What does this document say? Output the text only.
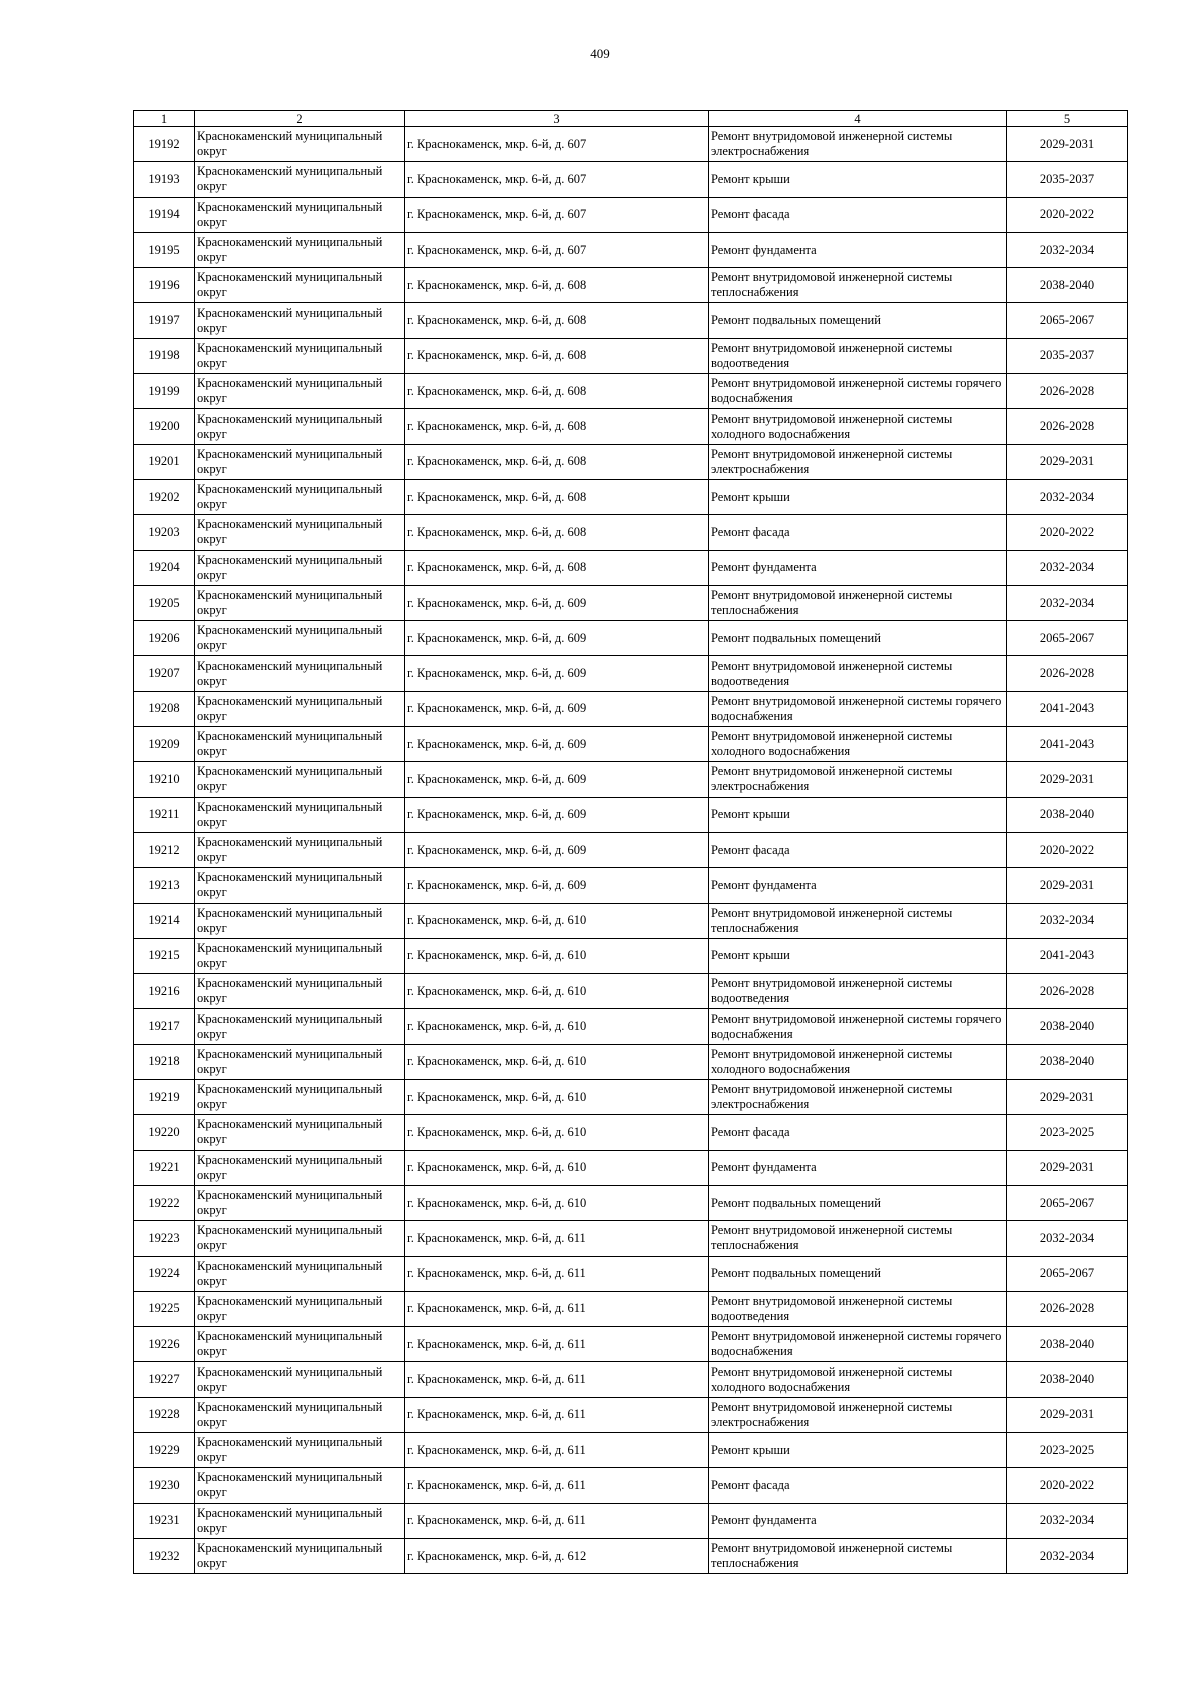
409
1	2	3	4	5
19192	Краснокаменский муниципальный округ	г. Краснокаменск, мкр. 6-й, д. 607	Ремонт внутридомовой инженерной системы электроснабжения	2029-2031
19193	Краснокаменский муниципальный округ	г. Краснокаменск, мкр. 6-й, д. 607	Ремонт крыши	2035-2037
19194	Краснокаменский муниципальный округ	г. Краснокаменск, мкр. 6-й, д. 607	Ремонт фасада	2020-2022
19195	Краснокаменский муниципальный округ	г. Краснокаменск, мкр. 6-й, д. 607	Ремонт фундамента	2032-2034
19196	Краснокаменский муниципальный округ	г. Краснокаменск, мкр. 6-й, д. 608	Ремонт внутридомовой инженерной системы теплоснабжения	2038-2040
19197	Краснокаменский муниципальный округ	г. Краснокаменск, мкр. 6-й, д. 608	Ремонт подвальных помещений	2065-2067
19198	Краснокаменский муниципальный округ	г. Краснокаменск, мкр. 6-й, д. 608	Ремонт внутридомовой инженерной системы водоотведения	2035-2037
19199	Краснокаменский муниципальный округ	г. Краснокаменск, мкр. 6-й, д. 608	Ремонт внутридомовой инженерной системы горячего водоснабжения	2026-2028
19200	Краснокаменский муниципальный округ	г. Краснокаменск, мкр. 6-й, д. 608	Ремонт внутридомовой инженерной системы холодного водоснабжения	2026-2028
19201	Краснокаменский муниципальный округ	г. Краснокаменск, мкр. 6-й, д. 608	Ремонт внутридомовой инженерной системы электроснабжения	2029-2031
19202	Краснокаменский муниципальный округ	г. Краснокаменск, мкр. 6-й, д. 608	Ремонт крыши	2032-2034
19203	Краснокаменский муниципальный округ	г. Краснокаменск, мкр. 6-й, д. 608	Ремонт фасада	2020-2022
19204	Краснокаменский муниципальный округ	г. Краснокаменск, мкр. 6-й, д. 608	Ремонт фундамента	2032-2034
19205	Краснокаменский муниципальный округ	г. Краснокаменск, мкр. 6-й, д. 609	Ремонт внутридомовой инженерной системы теплоснабжения	2032-2034
19206	Краснокаменский муниципальный округ	г. Краснокаменск, мкр. 6-й, д. 609	Ремонт подвальных помещений	2065-2067
19207	Краснокаменский муниципальный округ	г. Краснокаменск, мкр. 6-й, д. 609	Ремонт внутридомовой инженерной системы водоотведения	2026-2028
19208	Краснокаменский муниципальный округ	г. Краснокаменск, мкр. 6-й, д. 609	Ремонт внутридомовой инженерной системы горячего водоснабжения	2041-2043
19209	Краснокаменский муниципальный округ	г. Краснокаменск, мкр. 6-й, д. 609	Ремонт внутридомовой инженерной системы холодного водоснабжения	2041-2043
19210	Краснокаменский муниципальный округ	г. Краснокаменск, мкр. 6-й, д. 609	Ремонт внутридомовой инженерной системы электроснабжения	2029-2031
19211	Краснокаменский муниципальный округ	г. Краснокаменск, мкр. 6-й, д. 609	Ремонт крыши	2038-2040
19212	Краснокаменский муниципальный округ	г. Краснокаменск, мкр. 6-й, д. 609	Ремонт фасада	2020-2022
19213	Краснокаменский муниципальный округ	г. Краснокаменск, мкр. 6-й, д. 609	Ремонт фундамента	2029-2031
19214	Краснокаменский муниципальный округ	г. Краснокаменск, мкр. 6-й, д. 610	Ремонт внутридомовой инженерной системы теплоснабжения	2032-2034
19215	Краснокаменский муниципальный округ	г. Краснокаменск, мкр. 6-й, д. 610	Ремонт крыши	2041-2043
19216	Краснокаменский муниципальный округ	г. Краснокаменск, мкр. 6-й, д. 610	Ремонт внутридомовой инженерной системы водоотведения	2026-2028
19217	Краснокаменский муниципальный округ	г. Краснокаменск, мкр. 6-й, д. 610	Ремонт внутридомовой инженерной системы горячего водоснабжения	2038-2040
19218	Краснокаменский муниципальный округ	г. Краснокаменск, мкр. 6-й, д. 610	Ремонт внутридомовой инженерной системы холодного водоснабжения	2038-2040
19219	Краснокаменский муниципальный округ	г. Краснокаменск, мкр. 6-й, д. 610	Ремонт внутридомовой инженерной системы электроснабжения	2029-2031
19220	Краснокаменский муниципальный округ	г. Краснокаменск, мкр. 6-й, д. 610	Ремонт фасада	2023-2025
19221	Краснокаменский муниципальный округ	г. Краснокаменск, мкр. 6-й, д. 610	Ремонт фундамента	2029-2031
19222	Краснокаменский муниципальный округ	г. Краснокаменск, мкр. 6-й, д. 610	Ремонт подвальных помещений	2065-2067
19223	Краснокаменский муниципальный округ	г. Краснокаменск, мкр. 6-й, д. 611	Ремонт внутридомовой инженерной системы теплоснабжения	2032-2034
19224	Краснокаменский муниципальный округ	г. Краснокаменск, мкр. 6-й, д. 611	Ремонт подвальных помещений	2065-2067
19225	Краснокаменский муниципальный округ	г. Краснокаменск, мкр. 6-й, д. 611	Ремонт внутридомовой инженерной системы водоотведения	2026-2028
19226	Краснокаменский муниципальный округ	г. Краснокаменск, мкр. 6-й, д. 611	Ремонт внутридомовой инженерной системы горячего водоснабжения	2038-2040
19227	Краснокаменский муниципальный округ	г. Краснокаменск, мкр. 6-й, д. 611	Ремонт внутридомовой инженерной системы холодного водоснабжения	2038-2040
19228	Краснокаменский муниципальный округ	г. Краснокаменск, мкр. 6-й, д. 611	Ремонт внутридомовой инженерной системы электроснабжения	2029-2031
19229	Краснокаменский муниципальный округ	г. Краснокаменск, мкр. 6-й, д. 611	Ремонт крыши	2023-2025
19230	Краснокаменский муниципальный округ	г. Краснокаменск, мкр. 6-й, д. 611	Ремонт фасада	2020-2022
19231	Краснокаменский муниципальный округ	г. Краснокаменск, мкр. 6-й, д. 611	Ремонт фундамента	2032-2034
19232	Краснокаменский муниципальный округ	г. Краснокаменск, мкр. 6-й, д. 612	Ремонт внутридомовой инженерной системы теплоснабжения	2032-2034
